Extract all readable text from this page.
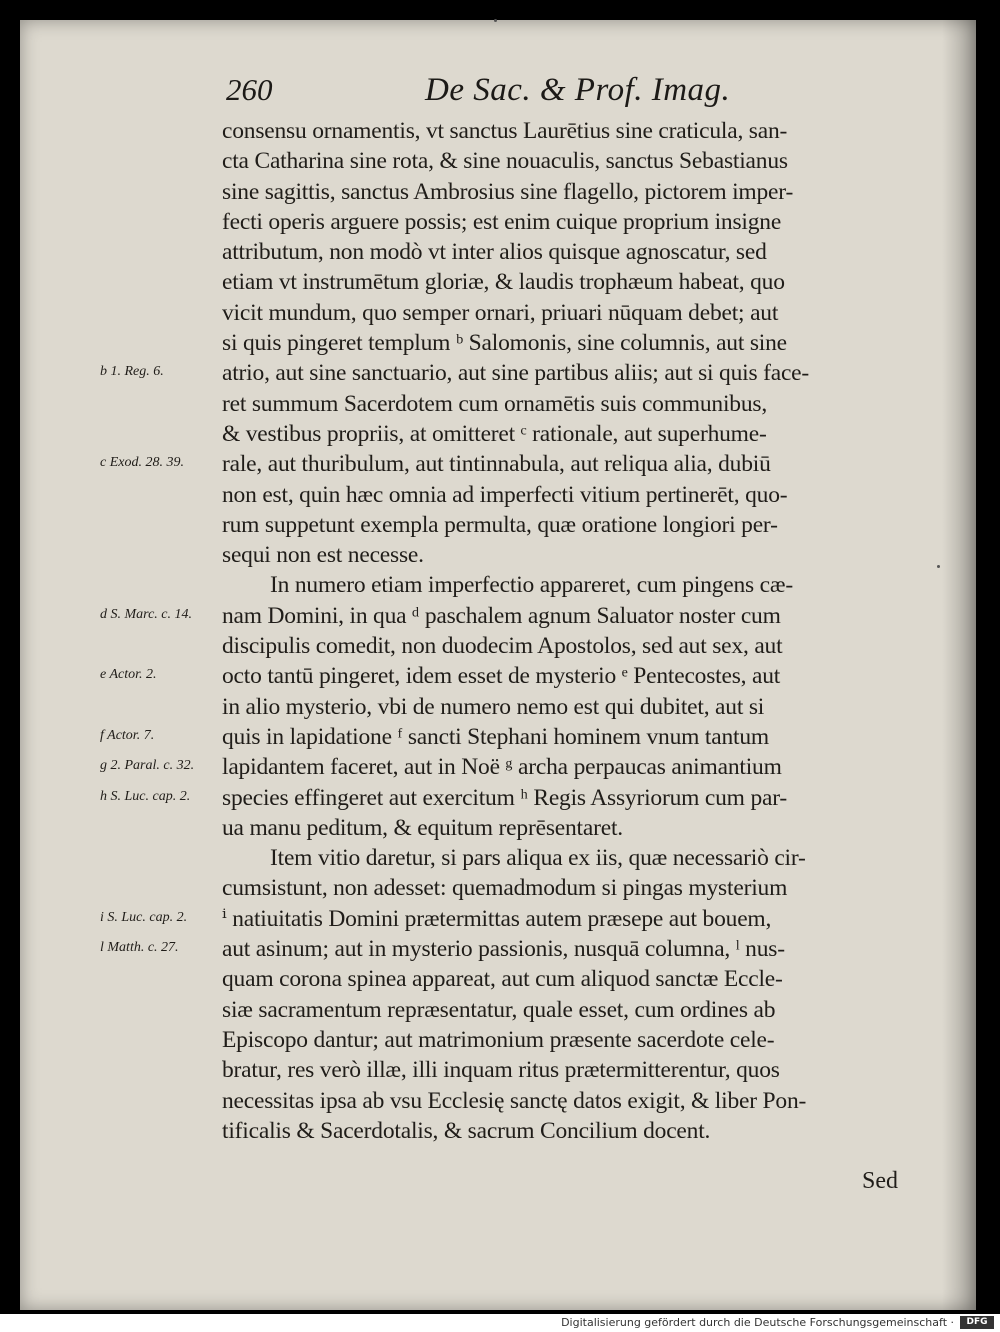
260	De Sac. & Prof. Imag.
b 1. Reg. 6.
c Exod. 28. 39.
d S. Marc. c. 14.
e Actor. 2.
f Actor. 7.
g 2. Paral. c. 32.
h S. Luc. cap. 2.
i S. Luc. cap. 2.
l Matth. c. 27.
consensu ornamentis, vt sanctus Laurētius sine craticula, san-
cta Catharina sine rota, & sine nouaculis, sanctus Sebastianus
sine sagittis, sanctus Ambrosius sine flagello, pictorem imper-
fecti operis arguere possis; est enim cuique proprium insigne
attributum, non modò vt inter alios quisque agnoscatur, sed
etiam vt instrumētum gloriæ, & laudis trophæum habeat, quo
vicit mundum, quo semper ornari, priuari nūquam debet; aut
si quis pingeret templum ᵇ Salomonis, sine columnis, aut sine
atrio, aut sine sanctuario, aut sine partibus aliis; aut si quis face-
ret summum Sacerdotem cum ornamētis suis communibus,
& vestibus propriis, at omitteret ᶜ rationale, aut superhume-
rale, aut thuribulum, aut tintinnabula, aut reliqua alia, dubiū
non est, quin hæc omnia ad imperfecti vitium pertinerēt, quo-
rum suppetunt exempla permulta, quæ oratione longiori per-
sequi non est necesse.
In numero etiam imperfectio appareret, cum pingens cæ-
nam Domini, in qua ᵈ paschalem agnum Saluator noster cum
discipulis comedit, non duodecim Apostolos, sed aut sex, aut
octo tantū pingeret, idem esset de mysterio ᵉ Pentecostes, aut
in alio mysterio, vbi de numero nemo est qui dubitet, aut si
quis in lapidatione ᶠ sancti Stephani hominem vnum tantum
lapidantem faceret, aut in Noë ᵍ archa perpaucas animantium
species effingeret aut exercitum ʰ Regis Assyriorum cum par-
ua manu peditum, & equitum reprēsentaret.
Item vitio daretur, si pars aliqua ex iis, quæ necessariò cir-
cumsistunt, non adesset: quemadmodum si pingas mysterium
ⁱ natiuitatis Domini prætermittas autem præsepe aut bouem,
aut asinum; aut in mysterio passionis, nusquā columna, ˡ nus-
quam corona spinea appareat, aut cum aliquod sanctæ Eccle-
siæ sacramentum repræsentatur, quale esset, cum ordines ab
Episcopo dantur; aut matrimonium præsente sacerdote cele-
bratur, res verò illæ, illi inquam ritus prætermitterentur, quos
necessitas ipsa ab vsu Ecclesię sanctę datos exigit, & liber Pon-
tificalis & Sacerdotalis, & sacrum Concilium docent.
Sed
Digitalisierung gefördert durch die Deutsche Forschungsgemeinschaft ·	DFG
